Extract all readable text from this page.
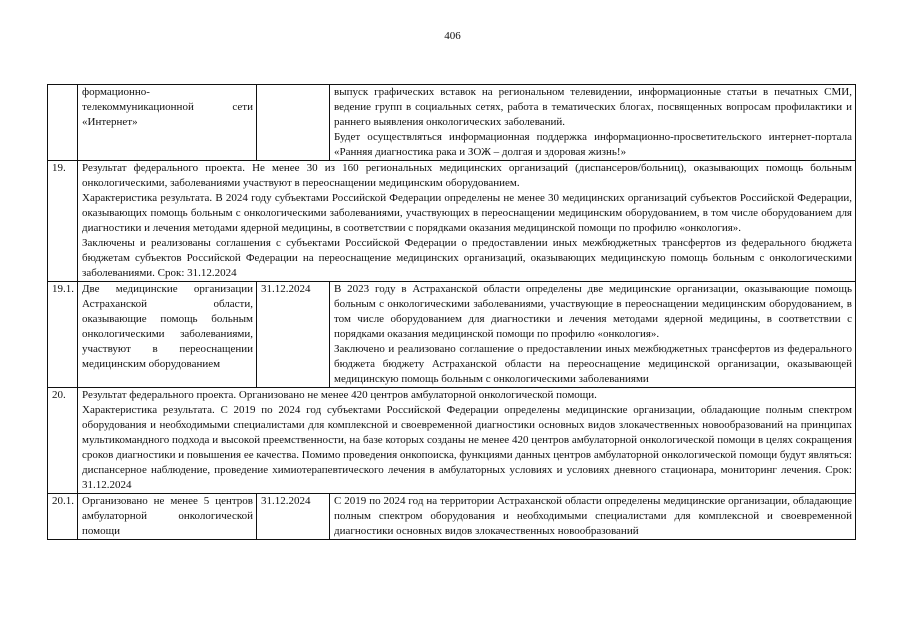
406
	формационно-телекоммуникационной сети «Интернет»		выпуск графических вставок на региональном телевидении, информационные статьи в печатных СМИ, ведение групп в социальных сетях, работа в тематических блогах, посвященных вопросам профилактики и раннего выявления онкологических заболеваний.

Будет осуществляться информационная поддержка информационно-просветительского интернет-портала «Ранняя диагностика рака и ЗОЖ – долгая и здоровая жизнь!»

19.	Результат федерального проекта. Не менее 30 из 160 региональных медицинских организаций (диспансеров/больниц), оказывающих помощь больным онкологическими, заболеваниями участвуют в переоснащении медицинским оборудованием.

Характеристика результата. В 2024 году субъектами Российской Федерации определены не менее 30 медицинских организаций субъектов Российской Федерации, оказывающих помощь больным с онкологическими заболеваниями, участвующих в переоснащении медицинским оборудованием, в том числе оборудованием для диагностики и лечения методами ядерной медицины, в соответствии с порядками оказания медицинской помощи по профилю «онкология».

Заключены и реализованы соглашения с субъектами Российской Федерации о предоставлении иных межбюджетных трансфертов из федерального бюджета бюджетам субъектов Российской Федерации на переоснащение медицинских организаций, оказывающих медицинскую помощь больным с онкологическими заболеваниями. Срок: 31.12.2024		

19.1.	Две медицинские организации Астраханской области, оказывающие помощь больным онкологическими заболеваниями, участвуют в переоснащении медицинским оборудованием	31.12.2024	В 2023 году в Астраханской области определены две медицинские организации, оказывающие помощь больным с онкологическими заболеваниями, участвующие в переоснащении медицинским оборудованием, в том числе оборудованием для диагностики и лечения методами ядерной медицины, в соответствии с порядками оказания медицинской помощи по профилю «онкология».

Заключено и реализовано соглашение о предоставлении иных межбюджетных трансфертов из федерального бюджета бюджету Астраханской области на переоснащение медицинской организации, оказывающей медицинскую помощь больным с онкологическими заболеваниями

20.	Результат федерального проекта. Организовано не менее 420 центров амбулаторной онкологической помощи.

Характеристика результата. С 2019 по 2024 год субъектами Российской Федерации определены медицинские организации, обладающие полным спектром оборудования и необходимыми специалистами для комплексной и своевременной диагностики основных видов злокачественных новообразований на принципах мультикомандного подхода и высокой преемственности, на базе которых созданы не менее 420 центров амбулаторной онкологической помощи в целях сокращения сроков диагностики и повышения ее качества. Помимо проведения онкопоиска, функциями данных центров амбулаторной онкологической помощи будут являться: диспансерное наблюдение, проведение химиотерапевтического лечения в амбулаторных условиях и условиях дневного стационара, мониторинг лечения. Срок: 31.12.2024		

20.1.	Организовано не менее 5 центров амбулаторной онкологической помощи	31.12.2024	С 2019 по 2024 год на территории Астраханской области определены медицинские организации, обладающие полным спектром оборудования и необходимыми специалистами для комплексной и своевременной диагностики основных видов злокачественных новообразований
